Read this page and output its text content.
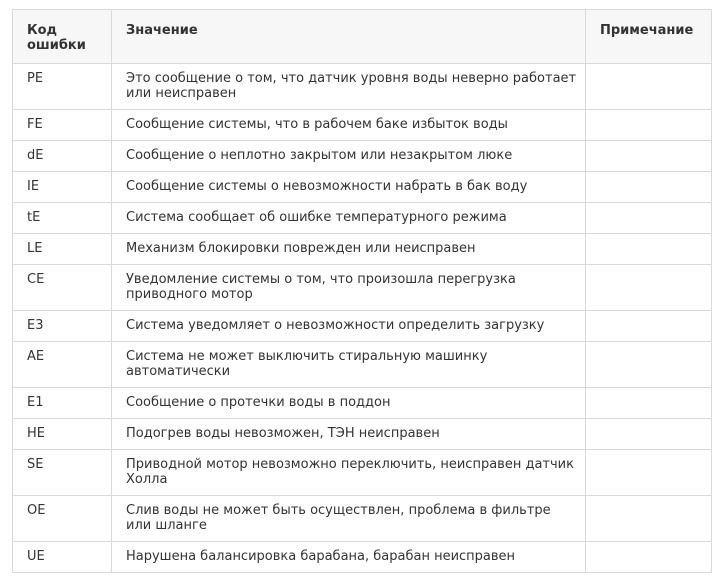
Код ошибки	Значение	Примечание
PE	Это сообщение о том, что датчик уровня воды неверно работает или неисправен	
FE	Сообщение системы, что в рабочем баке избыток воды	
dE	Сообщение о неплотно закрытом или незакрытом люке	
IE	Сообщение системы о невозможности набрать в бак воду	
tE	Система сообщает об ошибке температурного режима	
LE	Механизм блокировки поврежден или неисправен	
CE	Уведомление системы о том, что произошла перегрузка приводного мотор	
E3	Система уведомляет о невозможности определить загрузку	
AE	Система не может выключить стиральную машинку автоматически	
E1	Сообщение о протечки воды в поддон	
HE	Подогрев воды невозможен, ТЭН неисправен	
SE	Приводной мотор невозможно переключить, неисправен датчик Холла	
OE	Слив воды не может быть осуществлен, проблема в фильтре или шланге	
UE	Нарушена балансировка барабана, барабан неисправен	
